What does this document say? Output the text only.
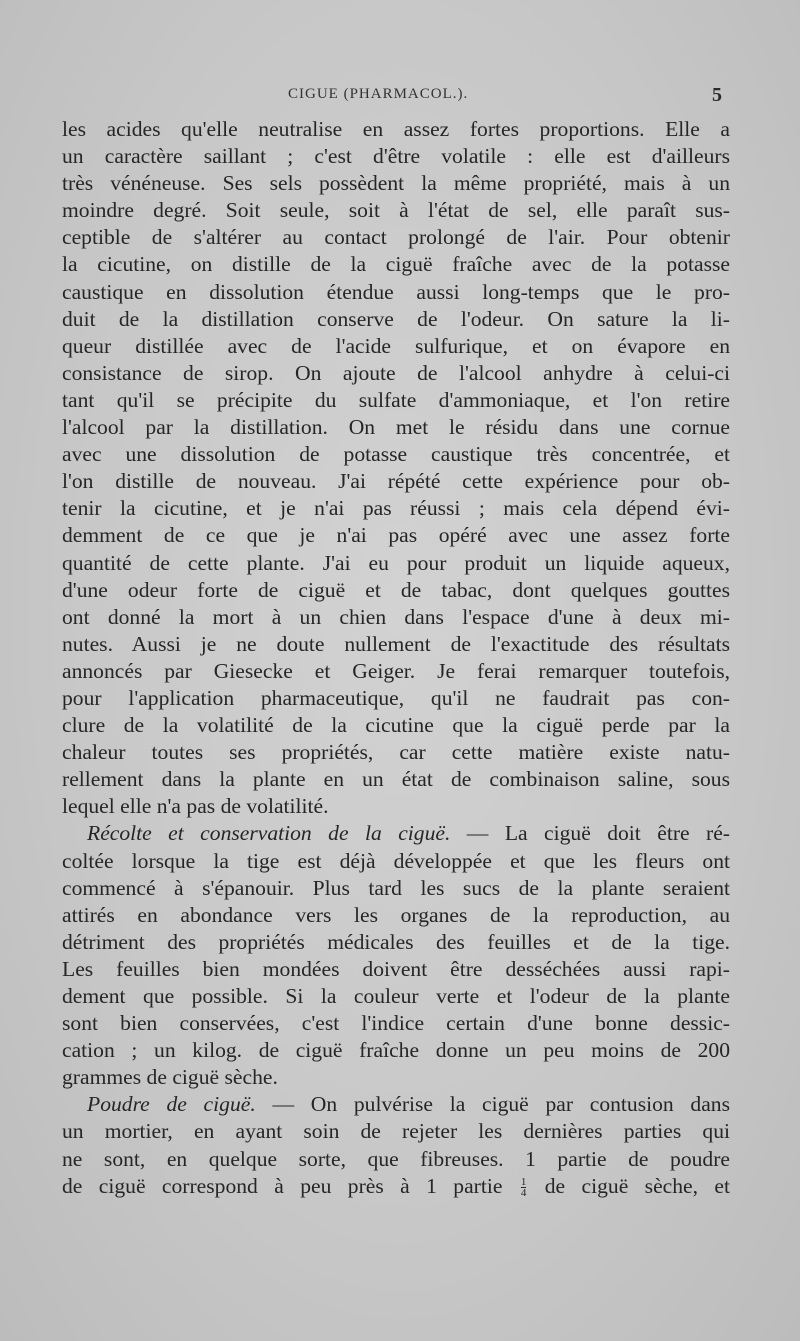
CIGUE (PHARMACOL.).	5
les acides qu'elle neutralise en assez fortes proportions. Elle a
un caractère saillant ; c'est d'être volatile : elle est d'ailleurs
très vénéneuse. Ses sels possèdent la même propriété, mais à un
moindre degré. Soit seule, soit à l'état de sel, elle paraît sus-
ceptible de s'altérer au contact prolongé de l'air. Pour obtenir
la cicutine, on distille de la ciguë fraîche avec de la potasse
caustique en dissolution étendue aussi long-temps que le pro-
duit de la distillation conserve de l'odeur. On sature la li-
queur distillée avec de l'acide sulfurique, et on évapore en
consistance de sirop. On ajoute de l'alcool anhydre à celui-ci
tant qu'il se précipite du sulfate d'ammoniaque, et l'on retire
l'alcool par la distillation. On met le résidu dans une cornue
avec une dissolution de potasse caustique très concentrée, et
l'on distille de nouveau. J'ai répété cette expérience pour ob-
tenir la cicutine, et je n'ai pas réussi ; mais cela dépend évi-
demment de ce que je n'ai pas opéré avec une assez forte
quantité de cette plante. J'ai eu pour produit un liquide aqueux,
d'une odeur forte de ciguë et de tabac, dont quelques gouttes
ont donné la mort à un chien dans l'espace d'une à deux mi-
nutes. Aussi je ne doute nullement de l'exactitude des résultats
annoncés par Giesecke et Geiger. Je ferai remarquer toutefois,
pour l'application pharmaceutique, qu'il ne faudrait pas con-
clure de la volatilité de la cicutine que la ciguë perde par la
chaleur toutes ses propriétés, car cette matière existe natu-
rellement dans la plante en un état de combinaison saline, sous
lequel elle n'a pas de volatilité.
Récolte et conservation de la ciguë. — La ciguë doit être ré-
coltée lorsque la tige est déjà développée et que les fleurs ont
commencé à s'épanouir. Plus tard les sucs de la plante seraient
attirés en abondance vers les organes de la reproduction, au
détriment des propriétés médicales des feuilles et de la tige.
Les feuilles bien mondées doivent être desséchées aussi rapi-
dement que possible. Si la couleur verte et l'odeur de la plante
sont bien conservées, c'est l'indice certain d'une bonne dessic-
cation ; un kilog. de ciguë fraîche donne un peu moins de 200
grammes de ciguë sèche.
Poudre de ciguë. — On pulvérise la ciguë par contusion dans
un mortier, en ayant soin de rejeter les dernières parties qui
ne sont, en quelque sorte, que fibreuses. 1 partie de poudre
de ciguë correspond à peu près à 1 partie $\frac{1}{4}$ de ciguë sèche, et
